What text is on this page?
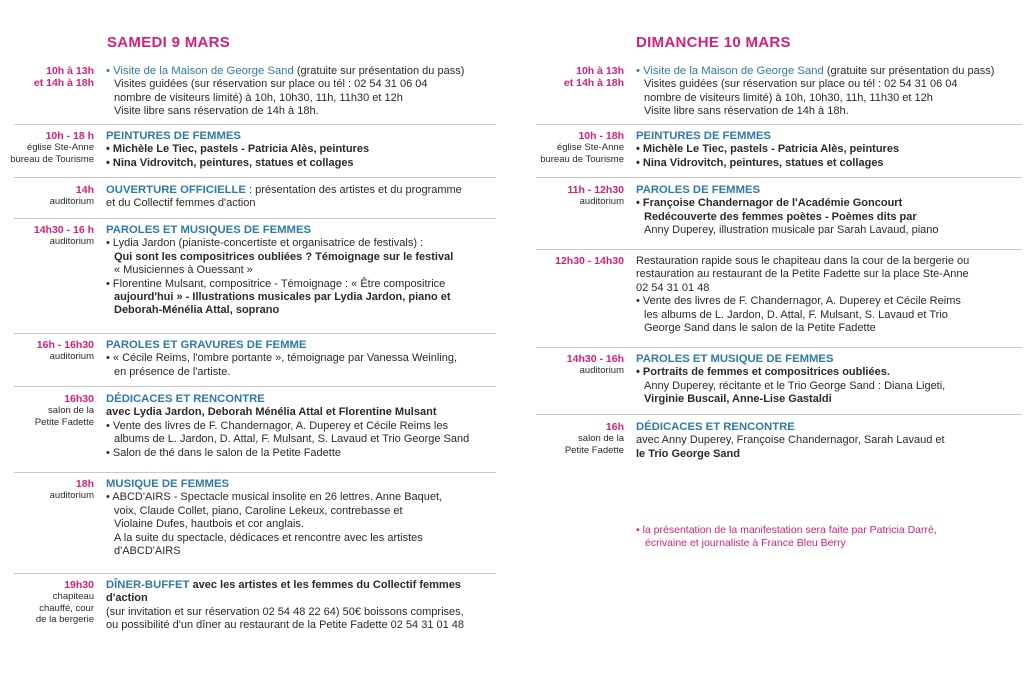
SAMEDI 9 MARS
10h à 13h
et 14h à 18h
• Visite de la Maison de George Sand (gratuite sur présentation du pass)
Visites guidées (sur réservation sur place ou tél : 02 54 31 06 04
nombre de visiteurs limité) à 10h, 10h30, 11h, 11h30 et 12h
Visite libre sans réservation de 14h à 18h.
10h - 18 h
église Ste-Anne
bureau de Tourisme
PEINTURES DE FEMMES
• Michèle Le Tiec, pastels - Patricia Alès, peintures
• Nina Vidrovitch, peintures, statues et collages
14h
auditorium
OUVERTURE OFFICIELLE : présentation des artistes et du programme
et du Collectif femmes d'action
14h30 - 16 h
auditorium
PAROLES ET MUSIQUES DE FEMMES
• Lydia Jardon (pianiste-concertiste et organisatrice de festivals) :
Qui sont les compositrices oubliées ? Témoignage sur le festival
« Musiciennes à Ouessant »
• Florentine Mulsant, compositrice - Témoignage : « Être compositrice
aujourd'hui » - Illustrations musicales par Lydia Jardon, piano et
Deborah-Ménélia Attal, soprano
16h - 16h30
auditorium
PAROLES ET GRAVURES DE FEMME
• « Cécile Reims, l'ombre portante », témoignage par Vanessa Weinling,
en présence de l'artiste.
16h30
salon de la
Petite Fadette
DÉDICACES ET RENCONTRE
avec Lydia Jardon, Deborah Ménélia Attal et Florentine Mulsant
• Vente des livres de F. Chandernagor, A. Duperey et Cécile Reims les
albums de L. Jardon, D. Attal, F. Mulsant, S. Lavaud et Trio George Sand
• Salon de thé dans le salon de la Petite Fadette
18h
auditorium
MUSIQUE DE FEMMES
• ABCD'AIRS - Spectacle musical insolite en 26 lettres. Anne Baquet,
voix, Claude Collet, piano, Caroline Lekeux, contrebasse et
Violaine Dufes, hautbois et cor anglais.
A la suite du spectacle, dédicaces et rencontre avec les artistes
d'ABCD'AIRS
19h30
chapiteau
chauffé, cour
de la bergerie
DÎNER-BUFFET avec les artistes et les femmes du Collectif femmes d'action
(sur invitation et sur réservation 02 54 48 22 64) 50€ boissons comprises,
ou possibilité d'un dîner au restaurant de la Petite Fadette 02 54 31 01 48
DIMANCHE 10 MARS
10h à 13h
et 14h à 18h
• Visite de la Maison de George Sand (gratuite sur présentation du pass)
Visites guidées (sur réservation sur place ou tél : 02 54 31 06 04
nombre de visiteurs limité) à 10h, 10h30, 11h, 11h30 et 12h
Visite libre sans réservation de 14h à 18h.
10h - 18h
église Ste-Anne
bureau de Tourisme
PEINTURES DE FEMMES
• Michèle Le Tiec, pastels - Patricia Alès, peintures
• Nina Vidrovitch, peintures, statues et collages
11h - 12h30
auditorium
PAROLES DE FEMMES
• Françoise Chandernagor de l'Académie Goncourt
Redécouverte des femmes poètes - Poèmes dits par
Anny Duperey, illustration musicale par Sarah Lavaud, piano
12h30 - 14h30 Restauration rapide sous le chapiteau dans la cour de la bergerie ou
restauration au restaurant de la Petite Fadette sur la place Ste-Anne
02 54 31 01 48
• Vente des livres de F. Chandernagor, A. Duperey et Cécile Reims
les albums de L. Jardon, D. Attal, F. Mulsant, S. Lavaud et Trio
George Sand dans le salon de la Petite Fadette
14h30 - 16h
auditorium
PAROLES ET MUSIQUE DE FEMMES
• Portraits de femmes et compositrices oubliées.
Anny Duperey, récitante et le Trio George Sand : Diana Ligeti,
Virginie Buscail, Anne-Lise Gastaldi
16h
salon de la
Petite Fadette
DÉDICACES ET RENCONTRE
avec Anny Duperey, Françoise Chandernagor, Sarah Lavaud et
le Trio George Sand
• la présentation de la manifestation sera faite par Patricia Darré,
écrivaine et journaliste à France Bleu Berry
